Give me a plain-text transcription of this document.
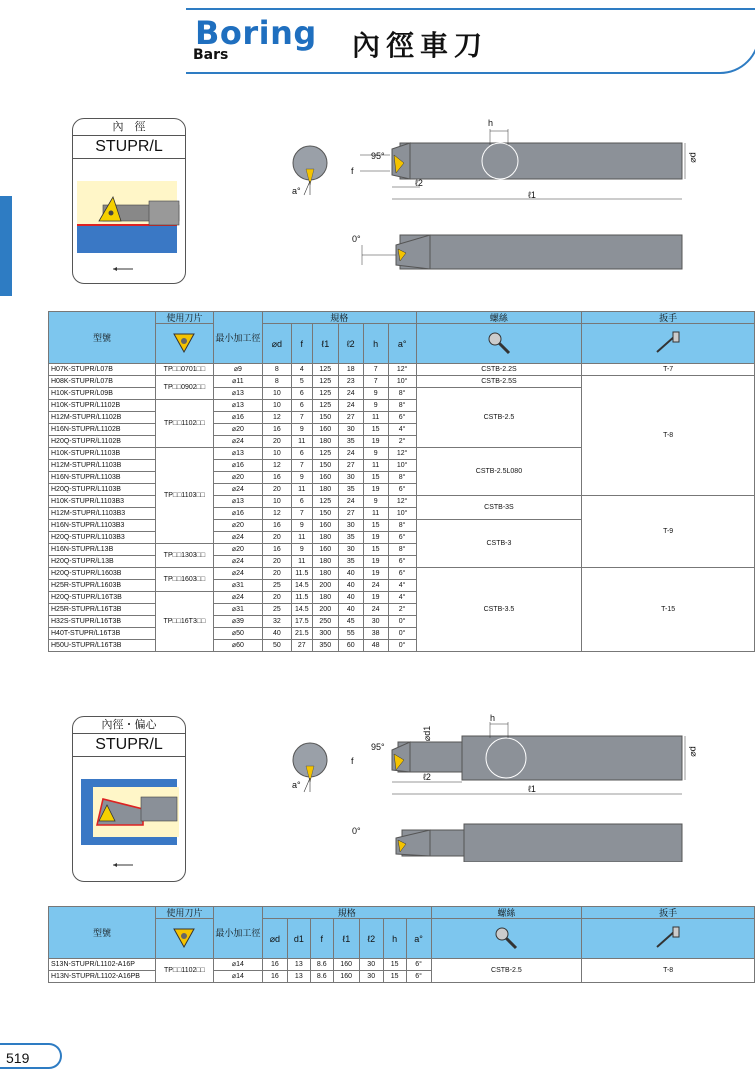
Boring
Bars	內徑車刀
內　徑
STUPR/L
h
95°
f
a°
ℓ2
ℓ1
⌀d
0°
型號	使用刀片	最小加工徑	規格						螺絲	扳手
	⌀d	f	ℓ1	ℓ2	h	a°		
H07K-STUPR/L07B	TP□□0701□□	⌀9	8	4	125	18	7	12°	CSTB-2.2S	T-7
H08K-STUPR/L07B	TP□□0902□□	⌀11	8	5	125	23	7	10°	CSTB-2.5S	T-8
H10K-STUPR/L09B		⌀13	10	6	125	24	9	8°	CSTB-2.5	
H10K-STUPR/L1102B	TP□□1102□□	⌀13	10	6	125	24	9	8°		
H12M-STUPR/L1102B		⌀16	12	7	150	27	11	6°		
H16N-STUPR/L1102B		⌀20	16	9	160	30	15	4°		
H20Q-STUPR/L1102B		⌀24	20	11	180	35	19	2°		
H10K-STUPR/L1103B	TP□□1103□□	⌀13	10	6	125	24	9	12°	CSTB-2.5L080	
H12M-STUPR/L1103B		⌀16	12	7	150	27	11	10°		
H16N-STUPR/L1103B		⌀20	16	9	160	30	15	8°		
H20Q-STUPR/L1103B		⌀24	20	11	180	35	19	6°		
H10K-STUPR/L1103B3		⌀13	10	6	125	24	9	12°	CSTB-3S	T-9
H12M-STUPR/L1103B3		⌀16	12	7	150	27	11	10°		
H16N-STUPR/L1103B3		⌀20	16	9	160	30	15	8°	CSTB-3	
H20Q-STUPR/L1103B3		⌀24	20	11	180	35	19	6°		
H16N-STUPR/L13B	TP□□1303□□	⌀20	16	9	160	30	15	8°		
H20Q-STUPR/L13B		⌀24	20	11	180	35	19	6°		
H20Q-STUPR/L1603B	TP□□1603□□	⌀24	20	11.5	180	40	19	6°	CSTB-3.5	T-15
H25R-STUPR/L1603B		⌀31	25	14.5	200	40	24	4°		
H20Q-STUPR/L16T3B	TP□□16T3□□	⌀24	20	11.5	180	40	19	4°		
H25R-STUPR/L16T3B		⌀31	25	14.5	200	40	24	2°		
H32S-STUPR/L16T3B		⌀39	32	17.5	250	45	30	0°		
H40T-STUPR/L16T3B		⌀50	40	21.5	300	55	38	0°		
H50U-STUPR/L16T3B		⌀60	50	27	350	60	48	0°		
內徑・偏心
STUPR/L
h
95°
f
a°
ℓ2
ℓ1
⌀d
⌀d1
0°
型號	使用刀片	最小加工徑	規格							螺絲	扳手
	⌀d	d1	f	ℓ1	ℓ2	h	a°		
S13N-STUPR/L1102-A16P	TP□□1102□□	⌀14	16	13	8.6	160	30	15	6°	CSTB-2.5	T-8
H13N-STUPR/L1102-A16PB		⌀14	16	13	8.6	160	30	15	6°		
519
